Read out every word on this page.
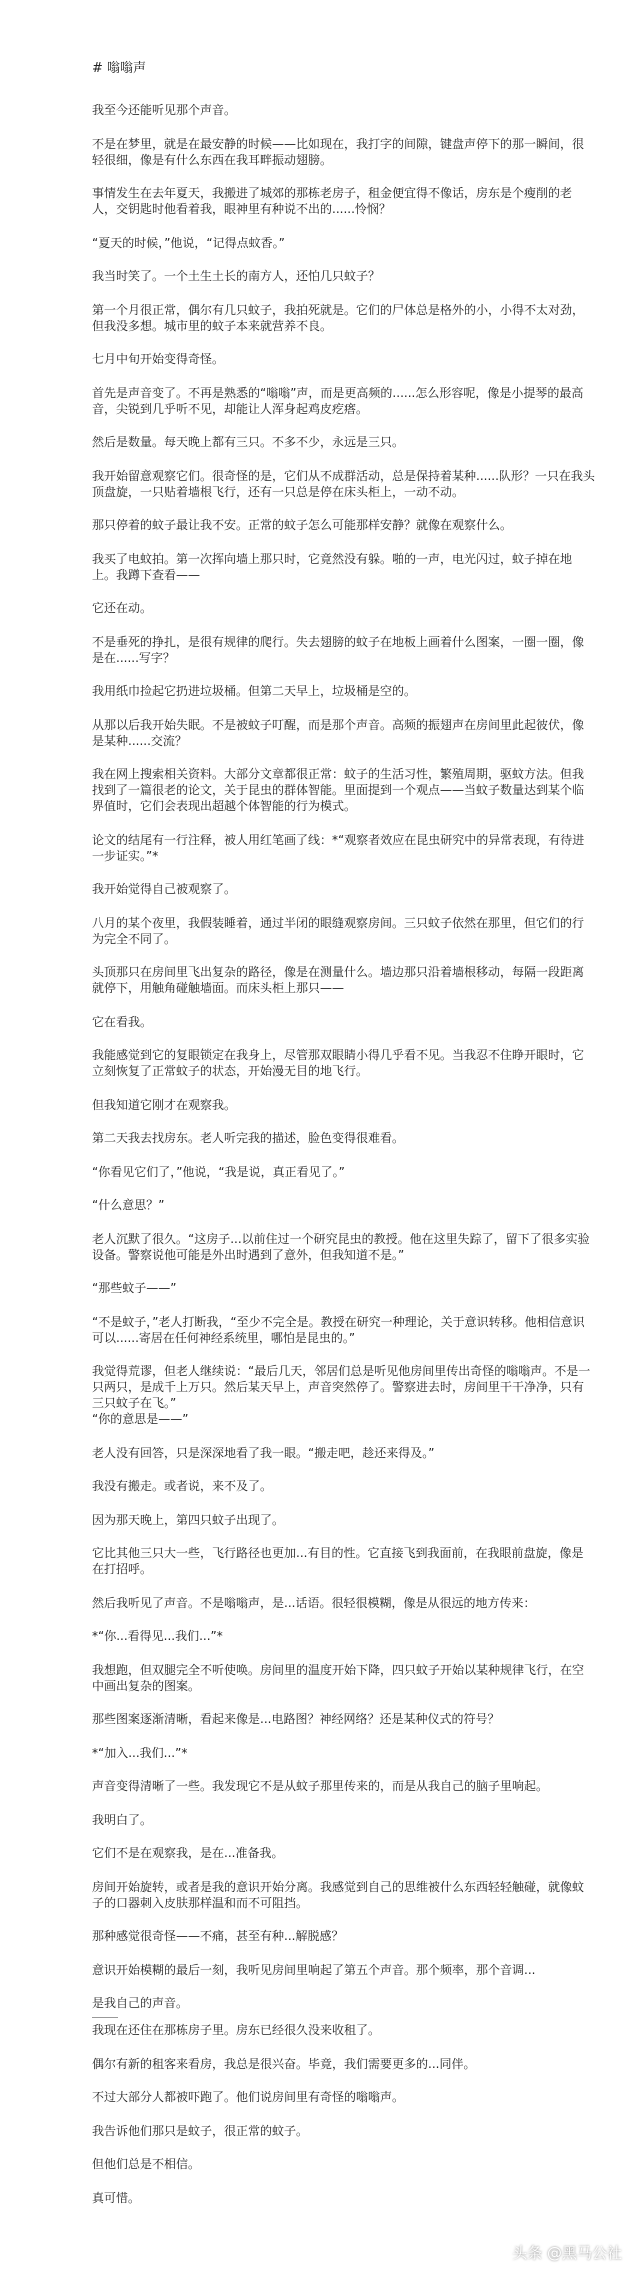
# 嗡嗡声
我至今还能听见那个声音。
不是在梦里，就是在最安静的时候——比如现在，我打字的间隙，键盘声停下的那一瞬间，很轻很细，像是有什么东西在我耳畔振动翅膀。
事情发生在去年夏天，我搬进了城郊的那栋老房子，租金便宜得不像话，房东是个瘦削的老人，交钥匙时他看着我，眼神里有种说不出的......怜悯？
“夏天的时候，”他说，“记得点蚊香。”
我当时笑了。一个土生土长的南方人，还怕几只蚊子？
第一个月很正常，偶尔有几只蚊子，我拍死就是。它们的尸体总是格外的小，小得不太对劲，但我没多想。城市里的蚊子本来就营养不良。
七月中旬开始变得奇怪。
首先是声音变了。不再是熟悉的“嗡嗡”声，而是更高频的......怎么形容呢，像是小提琴的最高音，尖锐到几乎听不见，却能让人浑身起鸡皮疙瘩。
然后是数量。每天晚上都有三只。不多不少，永远是三只。
我开始留意观察它们。很奇怪的是，它们从不成群活动，总是保持着某种......队形？一只在我头顶盘旋，一只贴着墙根飞行，还有一只总是停在床头柜上，一动不动。
那只停着的蚊子最让我不安。正常的蚊子怎么可能那样安静？就像在观察什么。
我买了电蚊拍。第一次挥向墙上那只时，它竟然没有躲。啪的一声，电光闪过，蚊子掉在地上。我蹲下查看——
它还在动。
不是垂死的挣扎，是很有规律的爬行。失去翅膀的蚊子在地板上画着什么图案，一圈一圈，像是在......写字？
我用纸巾捡起它扔进垃圾桶。但第二天早上，垃圾桶是空的。
从那以后我开始失眠。不是被蚊子叮醒，而是那个声音。高频的振翅声在房间里此起彼伏，像是某种......交流？
我在网上搜索相关资料。大部分文章都很正常：蚊子的生活习性，繁殖周期，驱蚊方法。但我找到了一篇很老的论文，关于昆虫的群体智能。里面提到一个观点——当蚊子数量达到某个临界值时，它们会表现出超越个体智能的行为模式。
论文的结尾有一行注释，被人用红笔画了线：*“观察者效应在昆虫研究中的异常表现，有待进一步证实。”*
我开始觉得自己被观察了。
八月的某个夜里，我假装睡着，通过半闭的眼缝观察房间。三只蚊子依然在那里，但它们的行为完全不同了。
头顶那只在房间里飞出复杂的路径，像是在测量什么。墙边那只沿着墙根移动，每隔一段距离就停下，用触角碰触墙面。而床头柜上那只——
它在看我。
我能感觉到它的复眼锁定在我身上，尽管那双眼睛小得几乎看不见。当我忍不住睁开眼时，它立刻恢复了正常蚊子的状态，开始漫无目的地飞行。
但我知道它刚才在观察我。
第二天我去找房东。老人听完我的描述，脸色变得很难看。
“你看见它们了，”他说，“我是说，真正看见了。”
“什么意思？”
老人沉默了很久。“这房子...以前住过一个研究昆虫的教授。他在这里失踪了，留下了很多实验设备。警察说他可能是外出时遇到了意外，但我知道不是。”
“那些蚊子——”
“不是蚊子，”老人打断我，“至少不完全是。教授在研究一种理论，关于意识转移。他相信意识可以......寄居在任何神经系统里，哪怕是昆虫的。”
我觉得荒谬，但老人继续说：“最后几天，邻居们总是听见他房间里传出奇怪的嗡嗡声。不是一只两只，是成千上万只。然后某天早上，声音突然停了。警察进去时，房间里干干净净，只有三只蚊子在飞。”
“你的意思是——”
老人没有回答，只是深深地看了我一眼。“搬走吧，趁还来得及。”
我没有搬走。或者说，来不及了。
因为那天晚上，第四只蚊子出现了。
它比其他三只大一些，飞行路径也更加...有目的性。它直接飞到我面前，在我眼前盘旋，像是在打招呼。
然后我听见了声音。不是嗡嗡声，是...话语。很轻很模糊，像是从很远的地方传来：
*“你...看得见...我们...”*
我想跑，但双腿完全不听使唤。房间里的温度开始下降，四只蚊子开始以某种规律飞行，在空中画出复杂的图案。
那些图案逐渐清晰，看起来像是...电路图？神经网络？还是某种仪式的符号？
*“加入...我们...”*
声音变得清晰了一些。我发现它不是从蚊子那里传来的，而是从我自己的脑子里响起。
我明白了。
它们不是在观察我，是在...准备我。
房间开始旋转，或者是我的意识开始分离。我感觉到自己的思维被什么东西轻轻触碰，就像蚊子的口器刺入皮肤那样温和而不可阻挡。
那种感觉很奇怪——不痛，甚至有种...解脱感？
意识开始模糊的最后一刻，我听见房间里响起了第五个声音。那个频率，那个音调...
是我自己的声音。
我现在还住在那栋房子里。房东已经很久没来收租了。
偶尔有新的租客来看房，我总是很兴奋。毕竟，我们需要更多的...同伴。
不过大部分人都被吓跑了。他们说房间里有奇怪的嗡嗡声。
我告诉他们那只是蚊子，很正常的蚊子。
但他们总是不相信。
真可惜。
头条 @黑马公社
